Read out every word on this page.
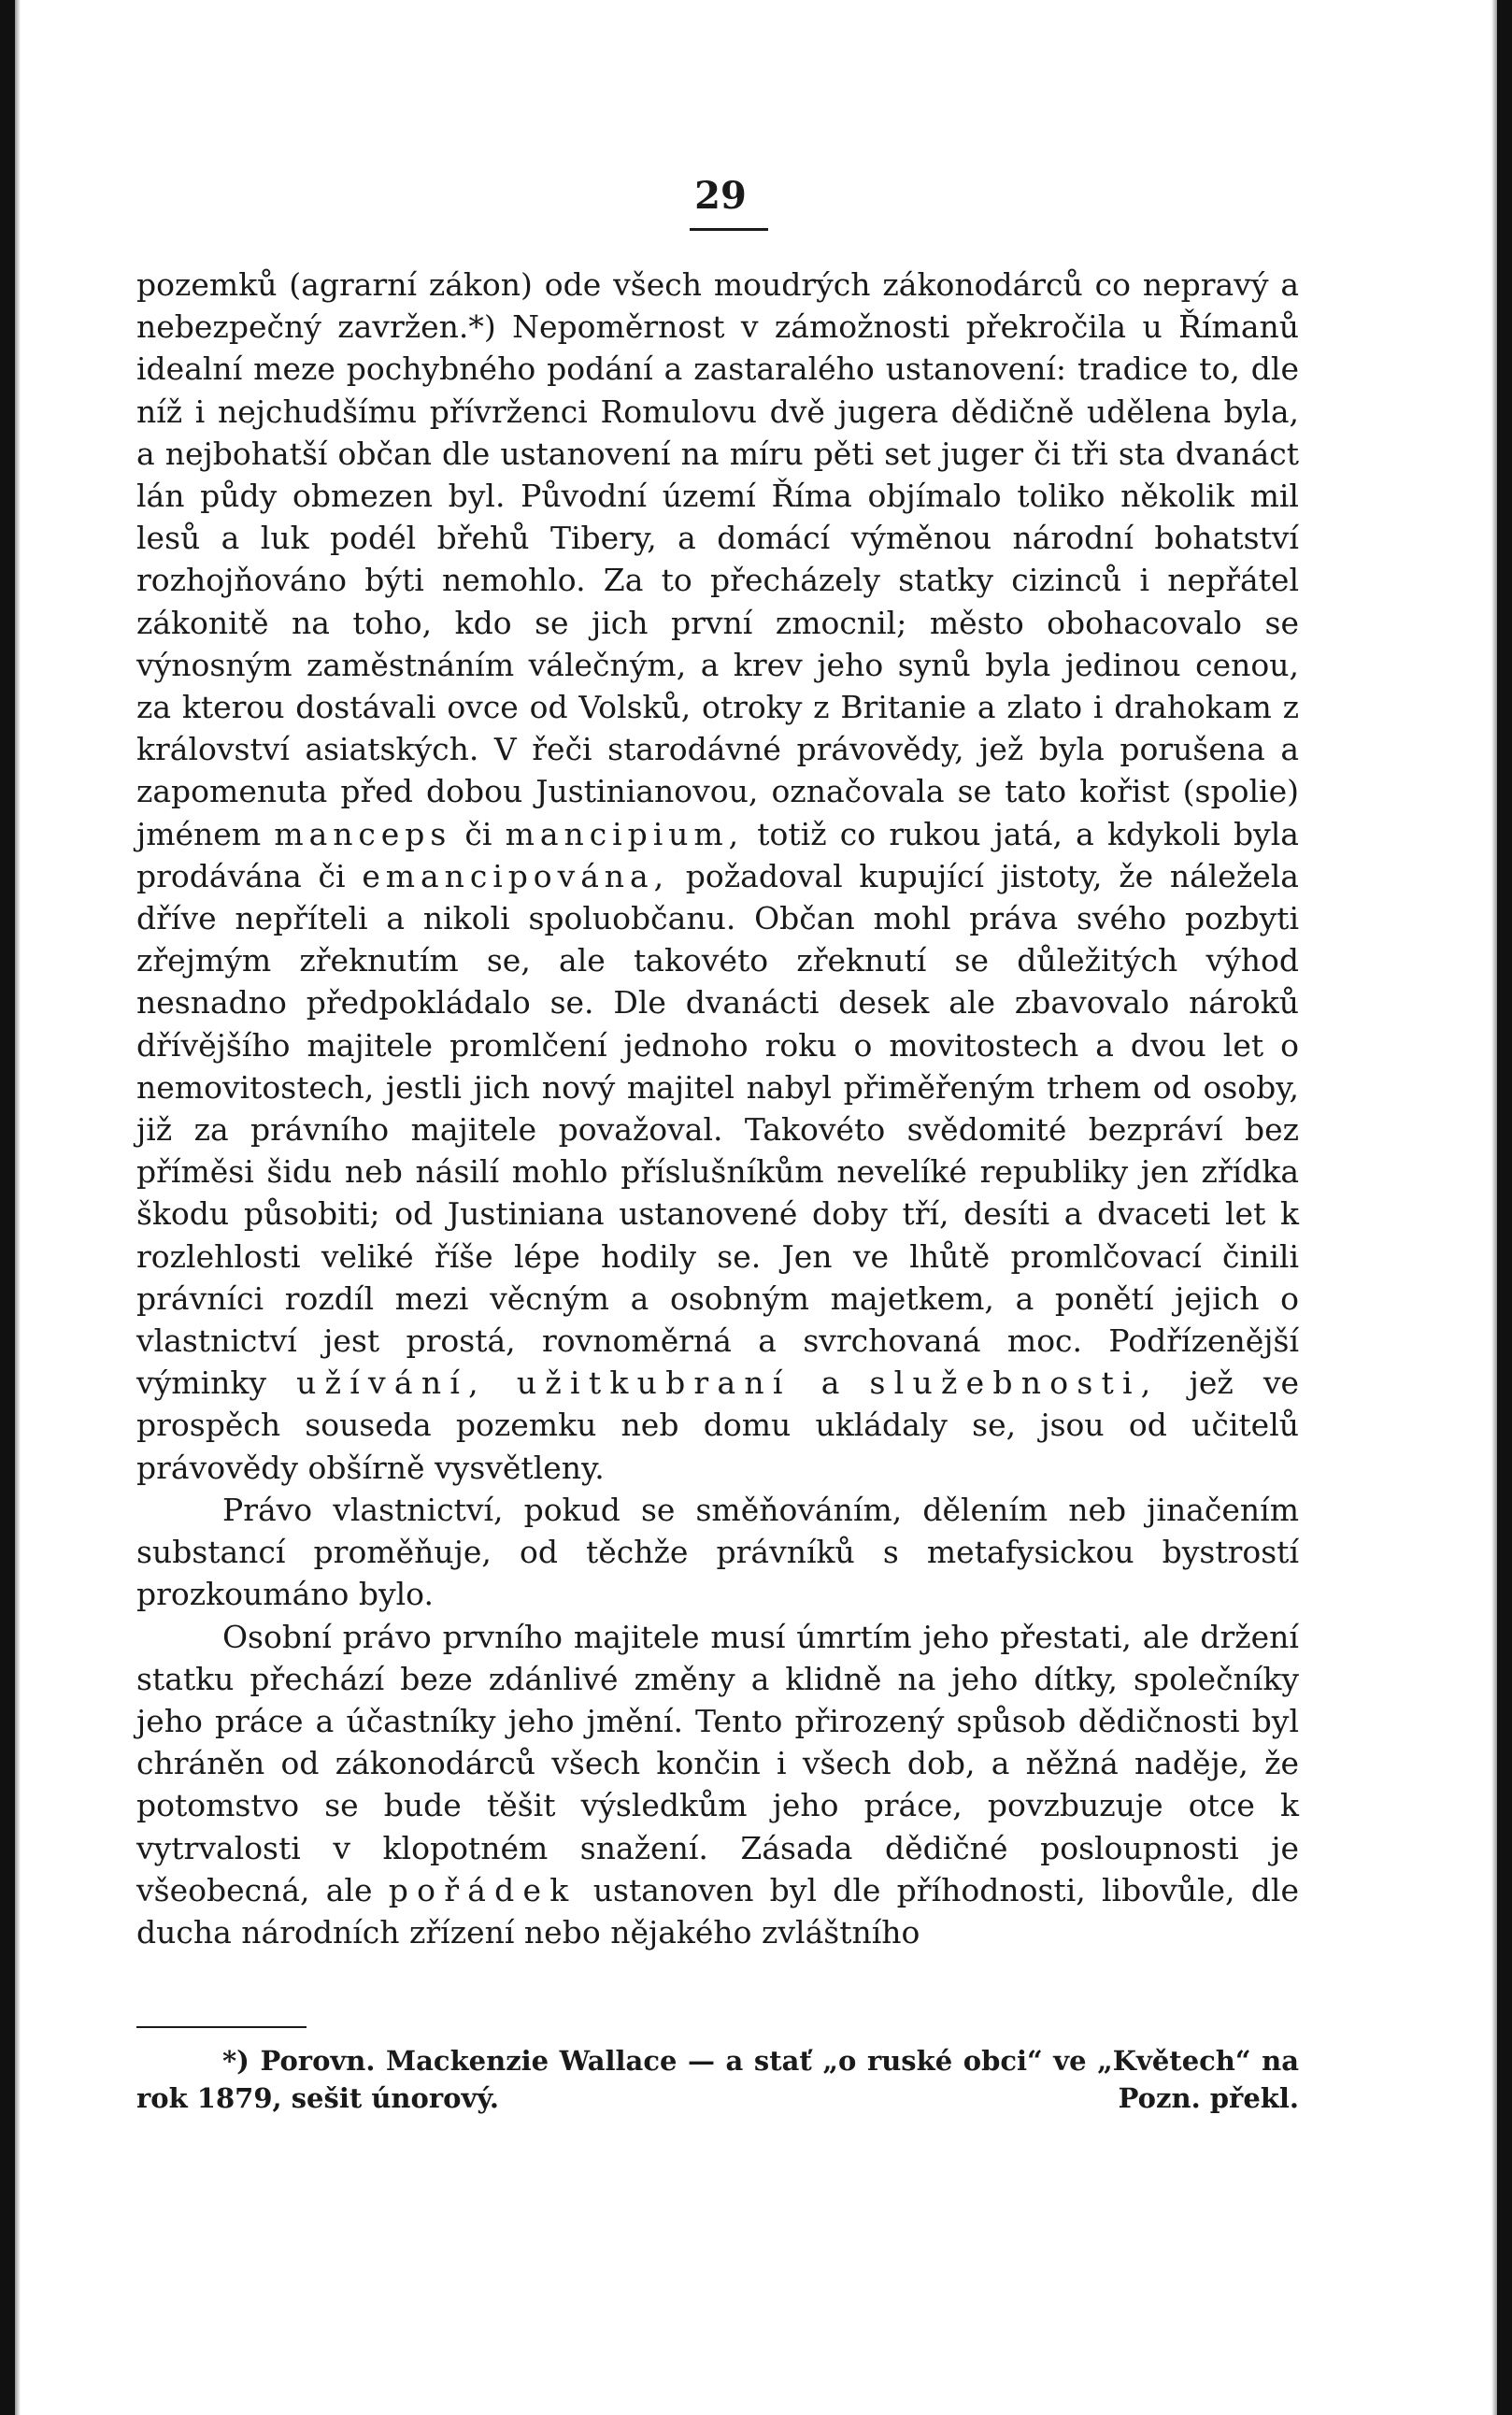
29

pozemků (agrarní zákon) ode všech moudrých zákonodárců co nepravý a nebezpečný zavržen.*) Nepoměrnost v zámožnosti překročila u Římanů idealní meze pochybného podání a zastaralého ustanovení: tradice to, dle níž i nejchudšímu přívrženci Romulovu dvě jugera dědičně udělena byla, a nejbohatší občan dle ustanovení na míru pěti set juger či tři sta dvanáct lán půdy obmezen byl. Původní území Říma objímalo toliko několik mil lesů a luk podél břehů Tibery, a domácí výměnou národní bohatství rozhojňováno býti nemohlo. Za to přecházely statky cizinců i nepřátel zákonitě na toho, kdo se jich první zmocnil; město obohacovalo se výnosným zaměstnáním válečným, a krev jeho synů byla jedinou cenou, za kterou dostávali ovce od Volsků, otroky z Britanie a zlato i drahokam z království asiatských. V řeči starodávné právovědy, jež byla porušena a zapomenuta před dobou Justinianovou, označovala se tato kořist (spolie) jménem manceps či mancipium, totiž co rukou jatá, a kdykoli byla prodávána či emancipována, požadoval kupující jistoty, že náležela dříve nepříteli a nikoli spoluobčanu. Občan mohl práva svého pozbyti zřejmým zřeknutím se, ale takovéto zřeknutí se důležitých výhod nesnadno předpokládalo se. Dle dvanácti desek ale zbavovalo nároků dřívějšího majitele promlčení jednoho roku o movitostech a dvou let o nemovitostech, jestli jich nový majitel nabyl přiměřeným trhem od osoby, již za právního majitele považoval. Takovéto svědomité bezpráví bez příměsi šidu neb násilí mohlo příslušníkům nevelíké republiky jen zřídka škodu působiti; od Justiniana ustanovené doby tří, desíti a dvaceti let k rozlehlosti veliké říše lépe hodily se. Jen ve lhůtě promlčovací činili právníci rozdíl mezi věcným a osobným majetkem, a ponětí jejich o vlastnictví jest prostá, rovnoměrná a svrchovaná moc. Podřízenější výminky užívání, užitkubraní a služebnosti, jež ve prospěch souseda pozemku neb domu ukládaly se, jsou od učitelů právovědy obšírně vysvětleny.

Právo vlastnictví, pokud se směňováním, dělením neb jinačením substancí proměňuje, od těchže právníků s metafysickou bystrostí prozkoumáno bylo.

Osobní právo prvního majitele musí úmrtím jeho přestati, ale držení statku přechází beze zdánlivé změny a klidně na jeho dítky, společníky jeho práce a účastníky jeho jmění. Tento přirozený spůsob dědičnosti byl chráněn od zákonodárců všech končin i všech dob, a něžná naděje, že potomstvo se bude těšit výsledkům jeho práce, povzbuzuje otce k vytrvalosti v klopotném snažení. Zásada dědičné posloupnosti je všeobecná, ale pořádek ustanoven byl dle příhodnosti, libovůle, dle ducha národních zřízení nebo nějakého zvláštního

*) Porovn. Mackenzie Wallace — a stať „o ruské obci“ ve „Květech“ na rok 1879, sešit únorový.	Pozn. překl.
